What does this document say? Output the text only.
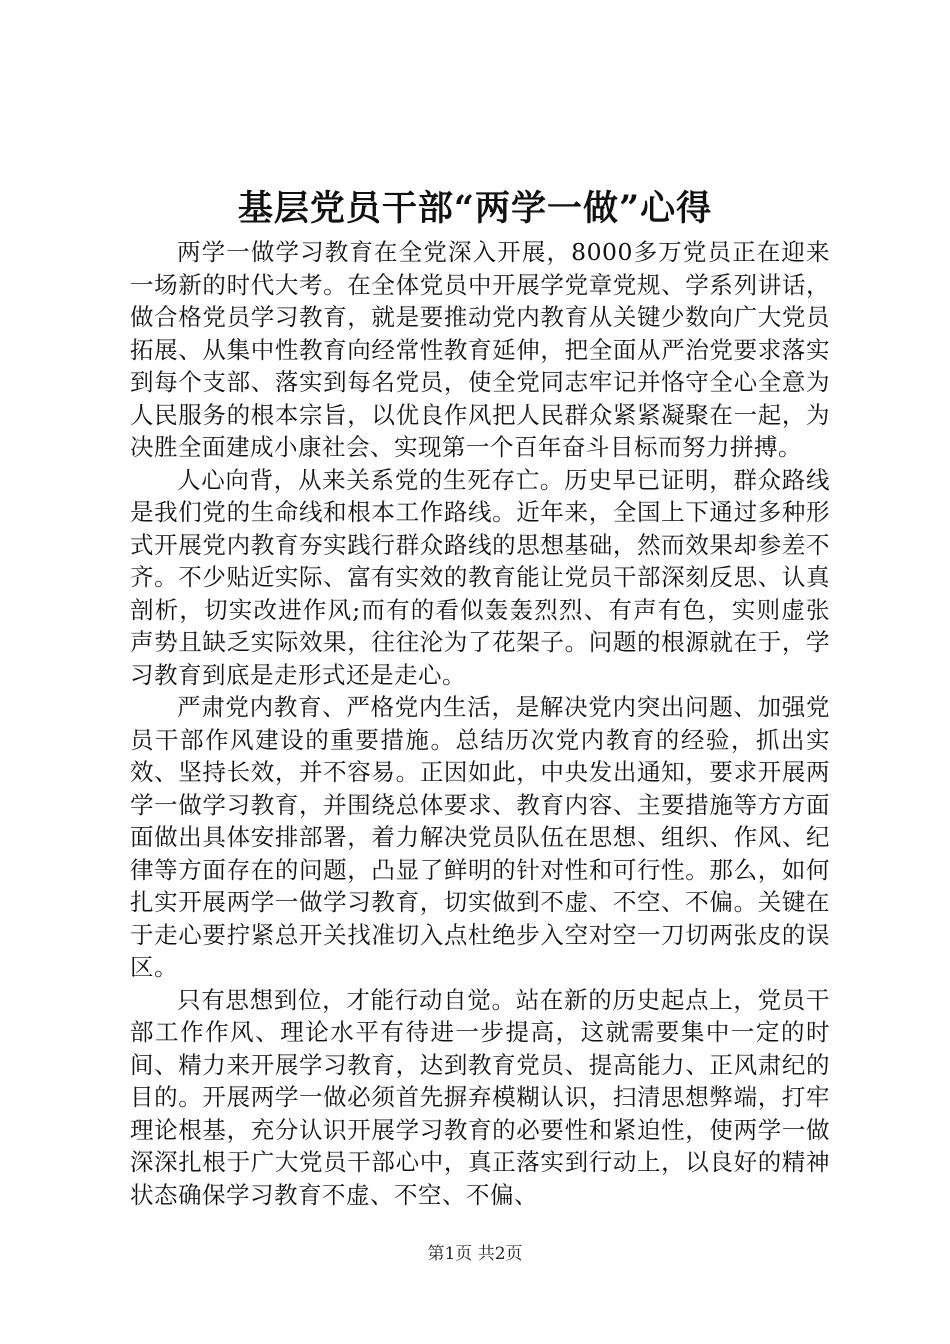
基层党员干部“两学一做”心得

两学一做学习教育在全党深入开展，8000多万党员正在迎来一场新的时代大考。在全体党员中开展学党章党规、学系列讲话，做合格党员学习教育，就是要推动党内教育从关键少数向广大党员拓展、从集中性教育向经常性教育延伸，把全面从严治党要求落实到每个支部、落实到每名党员，使全党同志牢记并恪守全心全意为人民服务的根本宗旨，以优良作风把人民群众紧紧凝聚在一起，为决胜全面建成小康社会、实现第一个百年奋斗目标而努力拼搏。

人心向背，从来关系党的生死存亡。历史早已证明，群众路线是我们党的生命线和根本工作路线。近年来，全国上下通过多种形式开展党内教育夯实践行群众路线的思想基础，然而效果却参差不齐。不少贴近实际、富有实效的教育能让党员干部深刻反思、认真剖析，切实改进作风;而有的看似轰轰烈烈、有声有色，实则虚张声势且缺乏实际效果，往往沦为了花架子。问题的根源就在于，学习教育到底是走形式还是走心。

严肃党内教育、严格党内生活，是解决党内突出问题、加强党员干部作风建设的重要措施。总结历次党内教育的经验，抓出实效、坚持长效，并不容易。正因如此，中央发出通知，要求开展两学一做学习教育，并围绕总体要求、教育内容、主要措施等方方面面做出具体安排部署，着力解决党员队伍在思想、组织、作风、纪律等方面存在的问题，凸显了鲜明的针对性和可行性。那么，如何扎实开展两学一做学习教育，切实做到不虚、不空、不偏。关键在于走心要拧紧总开关找准切入点杜绝步入空对空一刀切两张皮的误区。

只有思想到位，才能行动自觉。站在新的历史起点上，党员干部工作作风、理论水平有待进一步提高，这就需要集中一定的时间、精力来开展学习教育，达到教育党员、提高能力、正风肃纪的目的。开展两学一做必须首先摒弃模糊认识，扫清思想弊端，打牢理论根基，充分认识开展学习教育的必要性和紧迫性，使两学一做深深扎根于广大党员干部心中，真正落实到行动上，以良好的精神状态确保学习教育不虚、不空、不偏、

第1页 共2页
